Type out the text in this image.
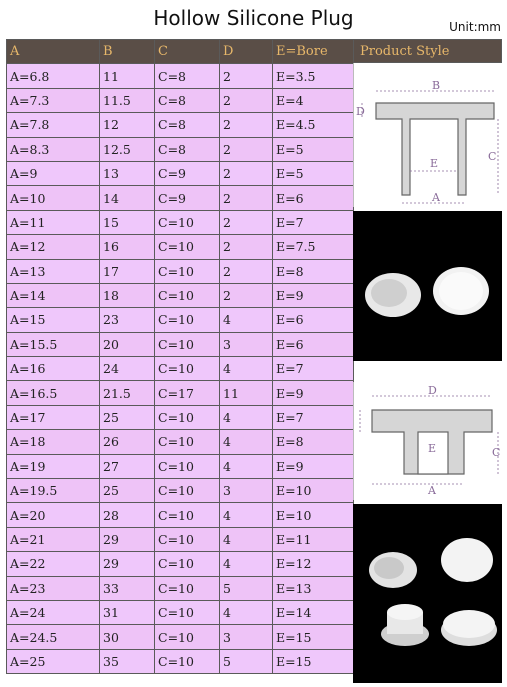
Hollow Silicone Plug	Unit:mm
A	B	C	D	E=Bore
A=6.8	11	C=8	2	E=3.5
A=7.3	11.5	C=8	2	E=4
A=7.8	12	C=8	2	E=4.5
A=8.3	12.5	C=8	2	E=5
A=9	13	C=9	2	E=5
A=10	14	C=9	2	E=6
A=11	15	C=10	2	E=7
A=12	16	C=10	2	E=7.5
A=13	17	C=10	2	E=8
A=14	18	C=10	2	E=9
A=15	23	C=10	4	E=6
A=15.5	20	C=10	3	E=6
A=16	24	C=10	4	E=7
A=16.5	21.5	C=17	11	E=9
A=17	25	C=10	4	E=7
A=18	26	C=10	4	E=8
A=19	27	C=10	4	E=9
A=19.5	25	C=10	3	E=10
A=20	28	C=10	4	E=10
A=21	29	C=10	4	E=11
A=22	29	C=10	4	E=12
A=23	33	C=10	5	E=13
A=24	31	C=10	4	E=14
A=24.5	30	C=10	3	E=15
A=25	35	C=10	5	E=15
Product Style
B
D
E
C
A
D
C
E
A
